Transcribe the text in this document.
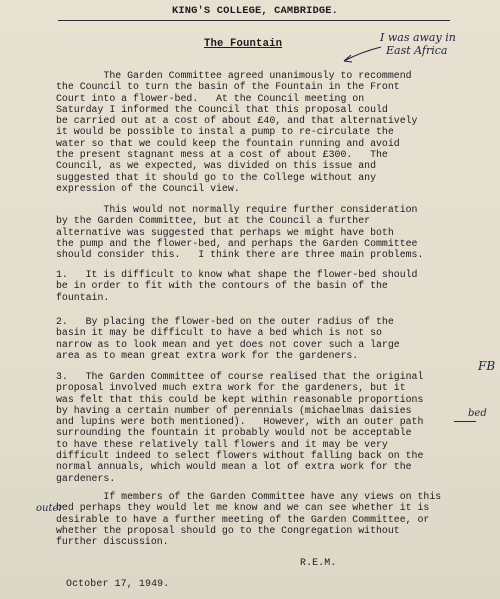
KING'S COLLEGE, CAMBRIDGE.
The Fountain	I was away in
East Africa
The Garden Committee agreed unanimously to recommend
the Council to turn the basin of the Fountain in the Front
Court into a flower-bed.   At the Council meeting on
Saturday I informed the Council that this proposal could
be carried out at a cost of about £40, and that alternatively
it would be possible to instal a pump to re-circulate the
water so that we could keep the fountain running and avoid
the present stagnant mess at a cost of about £300.   The
Council, as we expected, was divided on this issue and
suggested that it should go to the College without any
expression of the Council view.
This would not normally require further consideration
by the Garden Committee, but at the Council a further
alternative was suggested that perhaps we might have both
the pump and the flower-bed, and perhaps the Garden Committee
should consider this.   I think there are three main problems.
1.   It is difficult to know what shape the flower-bed should
be in order to fit with the contours of the basin of the
fountain.
2.   By placing the flower-bed on the outer radius of the
basin it may be difficult to have a bed which is not so
narrow as to look mean and yet does not cover such a large
area as to mean great extra work for the gardeners.
3.   The Garden Committee of course realised that the original
proposal involved much extra work for the gardeners, but it
was felt that this could be kept within reasonable proportions
by having a certain number of perennials (michaelmas daisies
and lupins were both mentioned).   However, with an outer path
surrounding the fountain it probably would not be acceptable
to have these relatively tall flowers and it may be very
difficult indeed to select flowers without falling back on the
normal annuals, which would mean a lot of extra work for the
gardeners.
bed
FB
If members of the Garden Committee have any views on this
bed perhaps they would let me know and we can see whether it is
desirable to have a further meeting of the Garden Committee, or
whether the proposal should go to the Congregation without
further discussion.
outer
R.E.M.
October 17, 1949.
